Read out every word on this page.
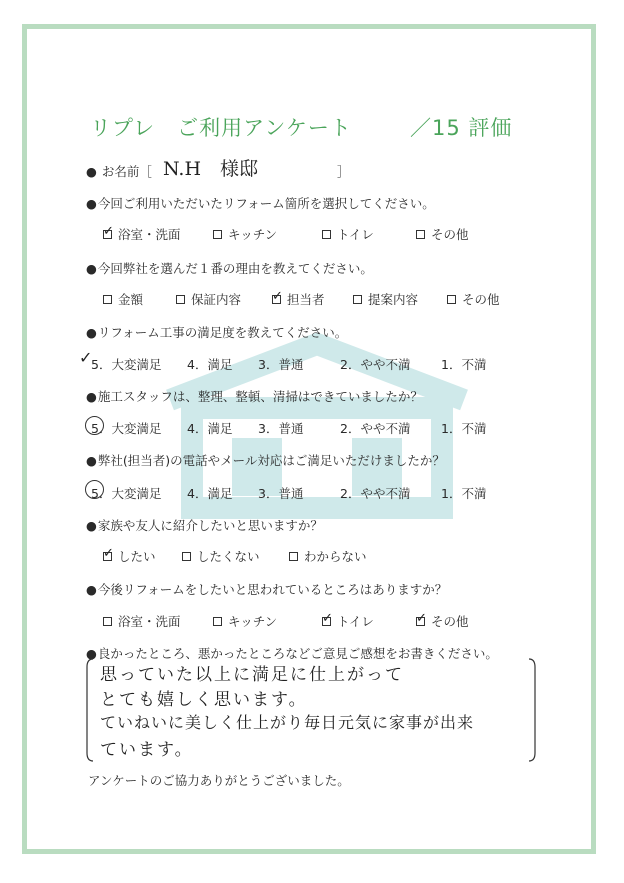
リプレ　ご利用アンケート	／15 評価
● お名前［ N.H　様邸	］
● 今回ご利用いただいたリフォーム箇所を選択してください。
✓浴室・洗面	キッチン	トイレ	その他
● 今回弊社を選んだ１番の理由を教えてください。
金額	保証内容 ✓	担当者	提案内容	その他
● リフォーム工事の満足度を教えてください。
✓
5．大変満足 4．満足 3．普通	2．やや不満 1．不満
● 施工スタッフは、整理、整頓、清掃はできていましたか？
5．大変満足 4．満足 3．普通	2．やや不満 1．不満
● 弊社(担当者)の電話やメール対応はご満足いただけましたか？
5．大変満足 4．満足 3．普通	2．やや不満 1．不満
● 家族や友人に紹介したいと思いますか？
✓したい	したくない	わからない
● 今後リフォームをしたいと思われているところはありますか？
浴室・洗面	キッチン ✓	トイレ ✓	その他
● 良かったところ、悪かったところなどご意見ご感想をお書きください。
思っていた以上に満足に仕上がって
とても嬉しく思います。
ていねいに美しく仕上がり毎日元気に家事が出来
ています。
アンケートのご協力ありがとうございました。
